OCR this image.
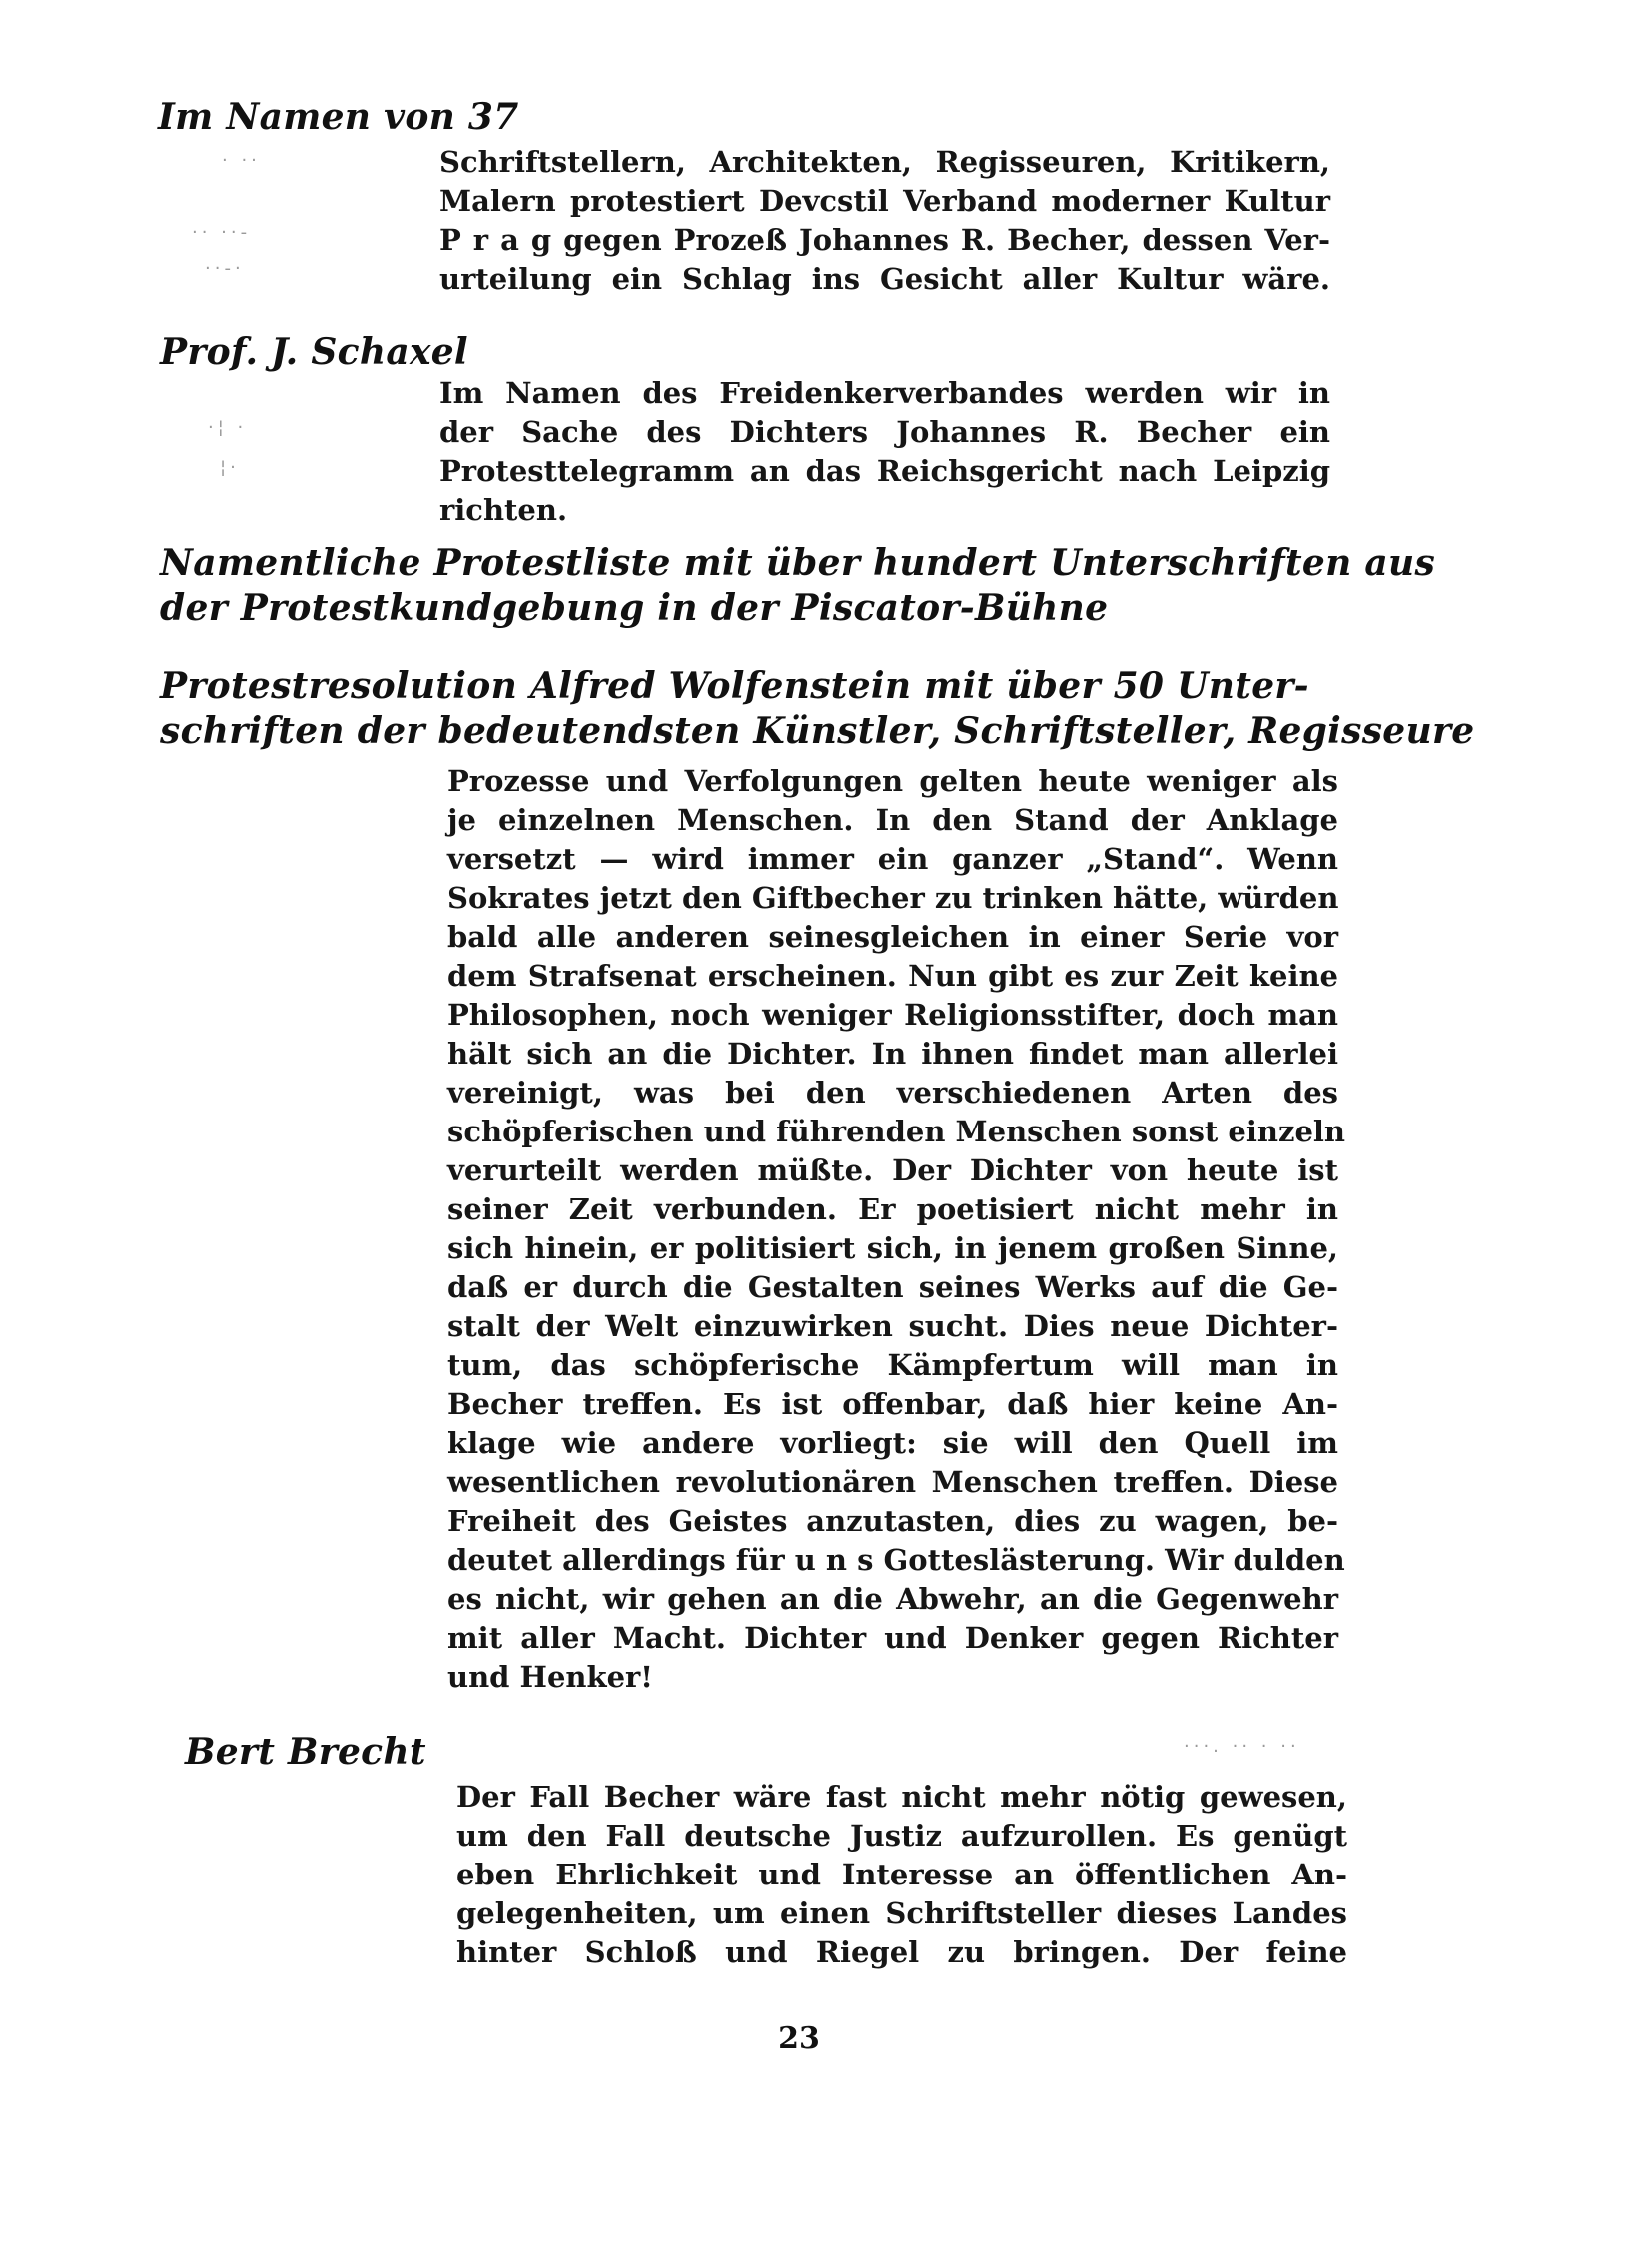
Im Namen von 37
· ··
·· ··-
··-·
Schriftstellern, Architekten, Regisseuren, Kritikern,
Malern protestiert Devcstil Verband moderner Kultur
P r a g gegen Prozeß Johannes R. Becher, dessen Ver-
urteilung ein Schlag ins Gesicht aller Kultur wäre.
Prof. J. Schaxel
·¦ ·
¦·
Im Namen des Freidenkerverbandes werden wir in
der Sache des Dichters Johannes R. Becher ein
Protesttelegramm an das Reichsgericht nach Leipzig
richten.
Namentliche Protestliste mit über hundert Unterschriften aus
der Protestkundgebung in der Piscator-Bühne
Protestresolution Alfred Wolfenstein mit über 50 Unter-
schriften der bedeutendsten Künstler, Schriftsteller, Regisseure
Prozesse und Verfolgungen gelten heute weniger als
je einzelnen Menschen. In den Stand der Anklage
versetzt — wird immer ein ganzer „Stand“. Wenn
Sokrates jetzt den Giftbecher zu trinken hätte, würden
bald alle anderen seinesgleichen in einer Serie vor
dem Strafsenat erscheinen. Nun gibt es zur Zeit keine
Philosophen, noch weniger Religionsstifter, doch man
hält sich an die Dichter. In ihnen findet man allerlei
vereinigt, was bei den verschiedenen Arten des
schöpferischen und führenden Menschen sonst einzeln
verurteilt werden müßte. Der Dichter von heute ist
seiner Zeit verbunden. Er poetisiert nicht mehr in
sich hinein, er politisiert sich, in jenem großen Sinne,
daß er durch die Gestalten seines Werks auf die Ge-
stalt der Welt einzuwirken sucht. Dies neue Dichter-
tum, das schöpferische Kämpfertum will man in
Becher treffen. Es ist offenbar, daß hier keine An-
klage wie andere vorliegt: sie will den Quell im
wesentlichen revolutionären Menschen treffen. Diese
Freiheit des Geistes anzutasten, dies zu wagen, be-
deutet allerdings für u n s Gotteslästerung. Wir dulden
es nicht, wir gehen an die Abwehr, an die Gegenwehr
mit aller Macht. Dichter und Denker gegen Richter
und Henker!
Bert Brecht	···. ·· · ··
Der Fall Becher wäre fast nicht mehr nötig gewesen,
um den Fall deutsche Justiz aufzurollen. Es genügt
eben Ehrlichkeit und Interesse an öffentlichen An-
gelegenheiten, um einen Schriftsteller dieses Landes
hinter Schloß und Riegel zu bringen. Der feine
23
